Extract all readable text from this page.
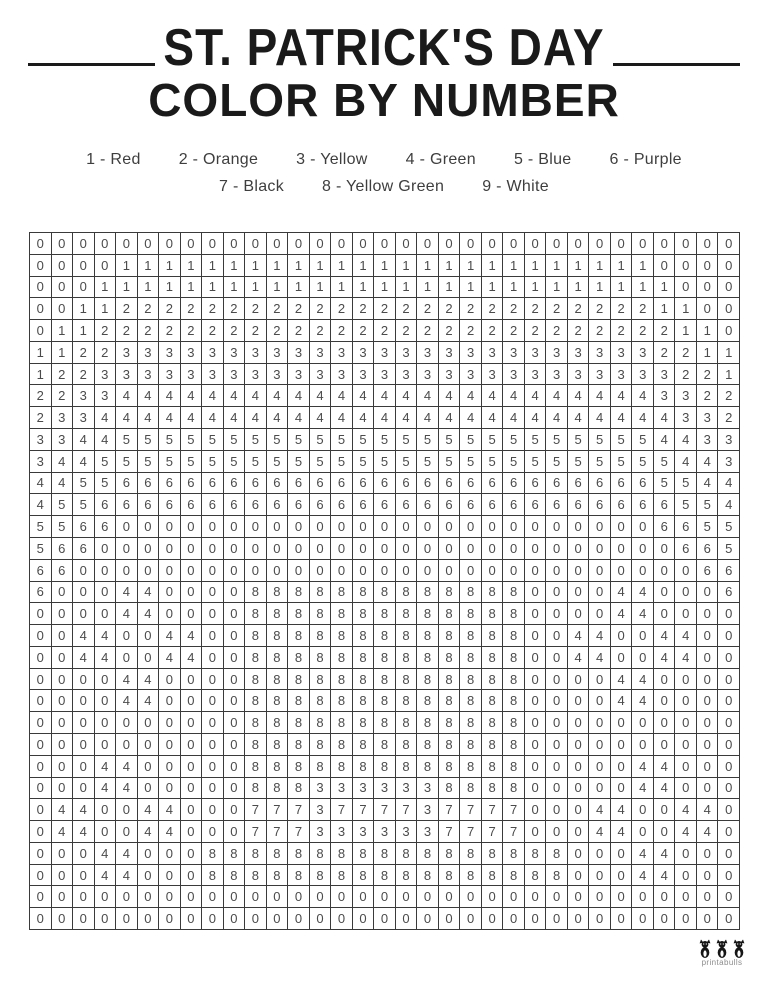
ST. PATRICK'S DAY
COLOR BY NUMBER
1 - Red 2 - Orange 3 - Yellow 4 - Green 5 - Blue 6 - Purple
7 - Black 8 - Yellow Green 9 - White
0	0	0	0	0	0	0	0	0	0	0	0	0	0	0	0	0	0	0	0	0	0	0	0	0	0	0	0	0	0	0	0	0
0	0	0	0	1	1	1	1	1	1	1	1	1	1	1	1	1	1	1	1	1	1	1	1	1	1	1	1	1	0	0	0	0
0	0	0	1	1	1	1	1	1	1	1	1	1	1	1	1	1	1	1	1	1	1	1	1	1	1	1	1	1	1	0	0	0
0	0	1	1	2	2	2	2	2	2	2	2	2	2	2	2	2	2	2	2	2	2	2	2	2	2	2	2	2	1	1	0	0
0	1	1	2	2	2	2	2	2	2	2	2	2	2	2	2	2	2	2	2	2	2	2	2	2	2	2	2	2	2	1	1	0
1	1	2	2	3	3	3	3	3	3	3	3	3	3	3	3	3	3	3	3	3	3	3	3	3	3	3	3	3	2	2	1	1
1	2	2	3	3	3	3	3	3	3	3	3	3	3	3	3	3	3	3	3	3	3	3	3	3	3	3	3	3	3	2	2	1
2	2	3	3	4	4	4	4	4	4	4	4	4	4	4	4	4	4	4	4	4	4	4	4	4	4	4	4	4	3	3	2	2
2	3	3	4	4	4	4	4	4	4	4	4	4	4	4	4	4	4	4	4	4	4	4	4	4	4	4	4	4	4	3	3	2
3	3	4	4	5	5	5	5	5	5	5	5	5	5	5	5	5	5	5	5	5	5	5	5	5	5	5	5	5	4	4	3	3
3	4	4	5	5	5	5	5	5	5	5	5	5	5	5	5	5	5	5	5	5	5	5	5	5	5	5	5	5	5	4	4	3
4	4	5	5	6	6	6	6	6	6	6	6	6	6	6	6	6	6	6	6	6	6	6	6	6	6	6	6	6	5	5	4	4
4	5	5	6	6	6	6	6	6	6	6	6	6	6	6	6	6	6	6	6	6	6	6	6	6	6	6	6	6	6	5	5	4
5	5	6	6	0	0	0	0	0	0	0	0	0	0	0	0	0	0	0	0	0	0	0	0	0	0	0	0	0	6	6	5	5
5	6	6	0	0	0	0	0	0	0	0	0	0	0	0	0	0	0	0	0	0	0	0	0	0	0	0	0	0	0	6	6	5
6	6	0	0	0	0	0	0	0	0	0	0	0	0	0	0	0	0	0	0	0	0	0	0	0	0	0	0	0	0	0	6	6
6	0	0	0	4	4	0	0	0	0	8	8	8	8	8	8	8	8	8	8	8	8	8	0	0	0	0	4	4	0	0	0	6
0	0	0	0	4	4	0	0	0	0	8	8	8	8	8	8	8	8	8	8	8	8	8	0	0	0	0	4	4	0	0	0	0
0	0	4	4	0	0	4	4	0	0	8	8	8	8	8	8	8	8	8	8	8	8	8	0	0	4	4	0	0	4	4	0	0
0	0	4	4	0	0	4	4	0	0	8	8	8	8	8	8	8	8	8	8	8	8	8	0	0	4	4	0	0	4	4	0	0
0	0	0	0	4	4	0	0	0	0	8	8	8	8	8	8	8	8	8	8	8	8	8	0	0	0	0	4	4	0	0	0	0
0	0	0	0	4	4	0	0	0	0	8	8	8	8	8	8	8	8	8	8	8	8	8	0	0	0	0	4	4	0	0	0	0
0	0	0	0	0	0	0	0	0	0	8	8	8	8	8	8	8	8	8	8	8	8	8	0	0	0	0	0	0	0	0	0	0
0	0	0	0	0	0	0	0	0	0	8	8	8	8	8	8	8	8	8	8	8	8	8	0	0	0	0	0	0	0	0	0	0
0	0	0	4	4	0	0	0	0	0	8	8	8	8	8	8	8	8	8	8	8	8	8	0	0	0	0	0	4	4	0	0	0
0	0	0	4	4	0	0	0	0	0	8	8	8	3	3	3	3	3	3	8	8	8	8	0	0	0	0	0	4	4	0	0	0
0	4	4	0	0	4	4	0	0	0	7	7	7	3	7	7	7	7	3	7	7	7	7	0	0	0	4	4	0	0	4	4	0
0	4	4	0	0	4	4	0	0	0	7	7	7	3	3	3	3	3	3	7	7	7	7	0	0	0	4	4	0	0	4	4	0
0	0	0	4	4	0	0	0	8	8	8	8	8	8	8	8	8	8	8	8	8	8	8	8	8	0	0	0	4	4	0	0	0
0	0	0	4	4	0	0	0	8	8	8	8	8	8	8	8	8	8	8	8	8	8	8	8	8	0	0	0	4	4	0	0	0
0	0	0	0	0	0	0	0	0	0	0	0	0	0	0	0	0	0	0	0	0	0	0	0	0	0	0	0	0	0	0	0	0
0	0	0	0	0	0	0	0	0	0	0	0	0	0	0	0	0	0	0	0	0	0	0	0	0	0	0	0	0	0	0	0	0
printabulls
